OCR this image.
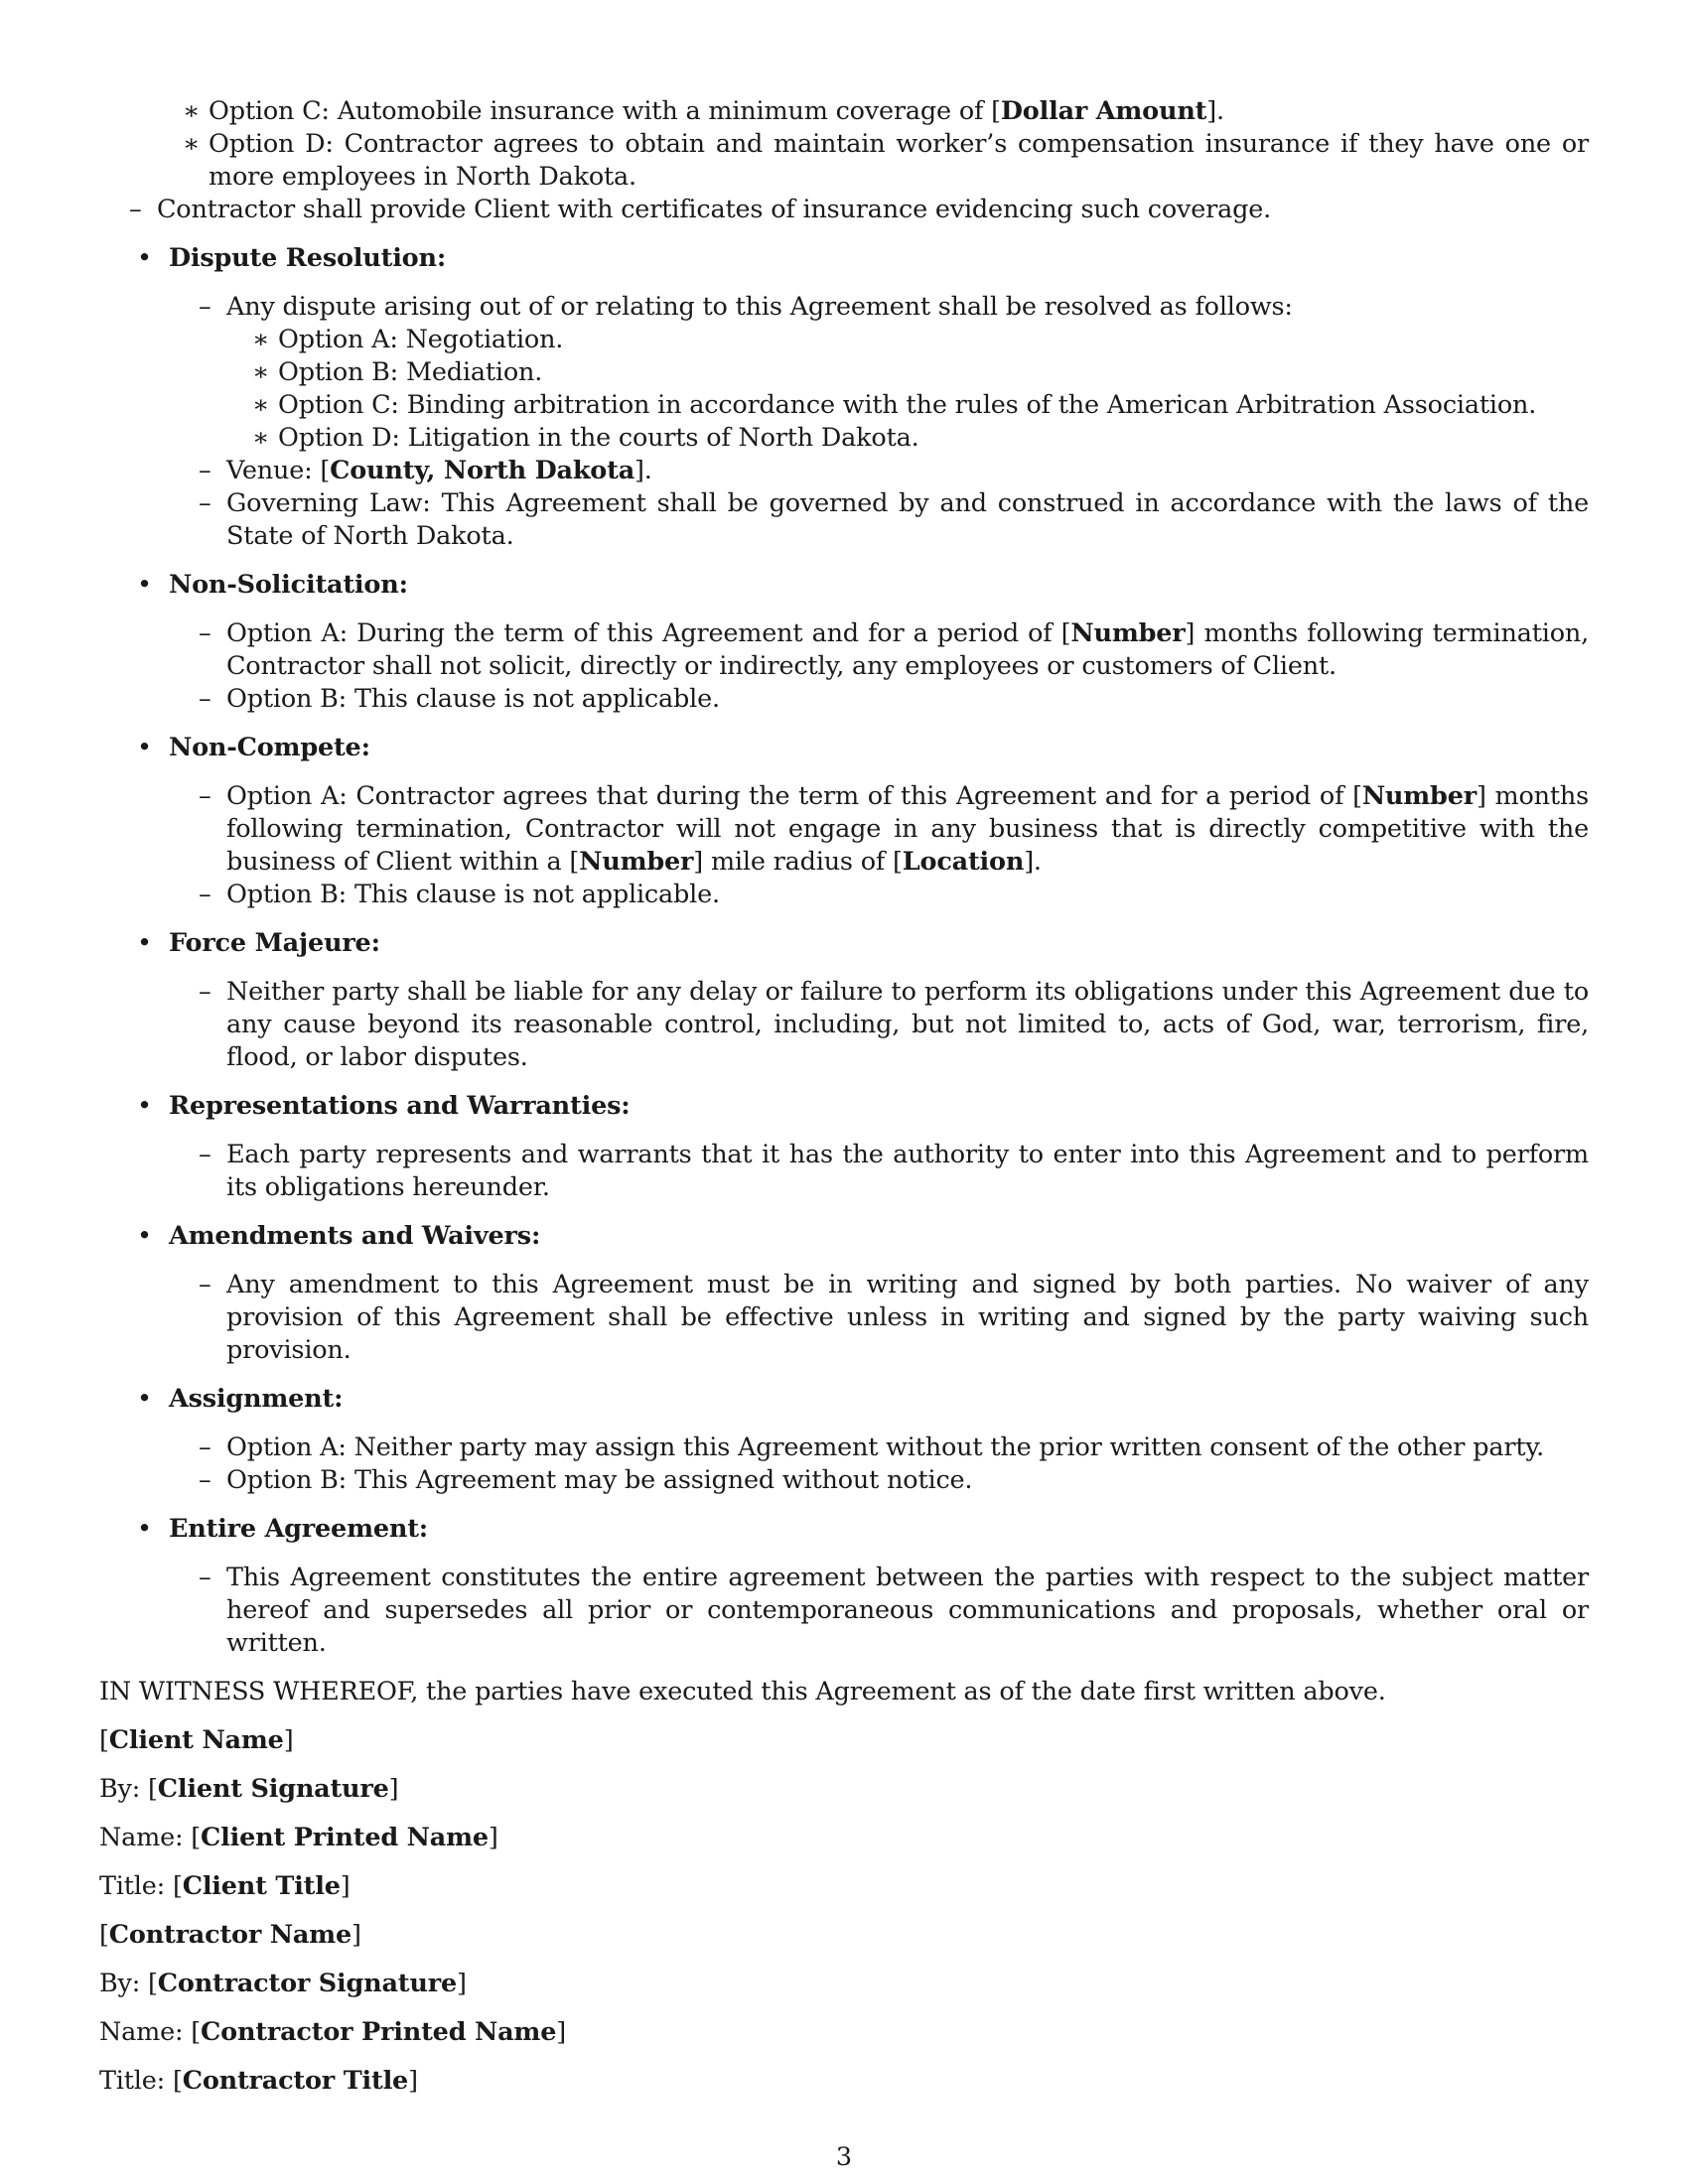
∗ Option C: Automobile insurance with a minimum coverage of [Dollar Amount].
∗ Option D: Contractor agrees to obtain and maintain worker’s compensation insurance if they have one or more employees in North Dakota.
– Contractor shall provide Client with certificates of insurance evidencing such coverage.
• Dispute Resolution:
– Any dispute arising out of or relating to this Agreement shall be resolved as follows:
∗ Option A: Negotiation.
∗ Option B: Mediation.
∗ Option C: Binding arbitration in accordance with the rules of the American Arbitration Association.
∗ Option D: Litigation in the courts of North Dakota.
– Venue: [County, North Dakota].
– Governing Law: This Agreement shall be governed by and construed in accordance with the laws of the State of North Dakota.
• Non-Solicitation:
– Option A: During the term of this Agreement and for a period of [Number] months following termination, Contractor shall not solicit, directly or indirectly, any employees or customers of Client.
– Option B: This clause is not applicable.
• Non-Compete:
– Option A: Contractor agrees that during the term of this Agreement and for a period of [Number] months following termination, Contractor will not engage in any business that is directly competitive with the business of Client within a [Number] mile radius of [Location].
– Option B: This clause is not applicable.
• Force Majeure:
– Neither party shall be liable for any delay or failure to perform its obligations under this Agreement due to any cause beyond its reasonable control, including, but not limited to, acts of God, war, terrorism, fire, flood, or labor disputes.
• Representations and Warranties:
– Each party represents and warrants that it has the authority to enter into this Agreement and to perform its obligations hereunder.
• Amendments and Waivers:
– Any amendment to this Agreement must be in writing and signed by both parties. No waiver of any provision of this Agreement shall be effective unless in writing and signed by the party waiving such provision.
• Assignment:
– Option A: Neither party may assign this Agreement without the prior written consent of the other party.
– Option B: This Agreement may be assigned without notice.
• Entire Agreement:
– This Agreement constitutes the entire agreement between the parties with respect to the subject matter hereof and supersedes all prior or contemporaneous communications and proposals, whether oral or written.

IN WITNESS WHEREOF, the parties have executed this Agreement as of the date first written above.

[Client Name]

By: [Client Signature]

Name: [Client Printed Name]

Title: [Client Title]

[Contractor Name]

By: [Contractor Signature]

Name: [Contractor Printed Name]

Title: [Contractor Title]

3
